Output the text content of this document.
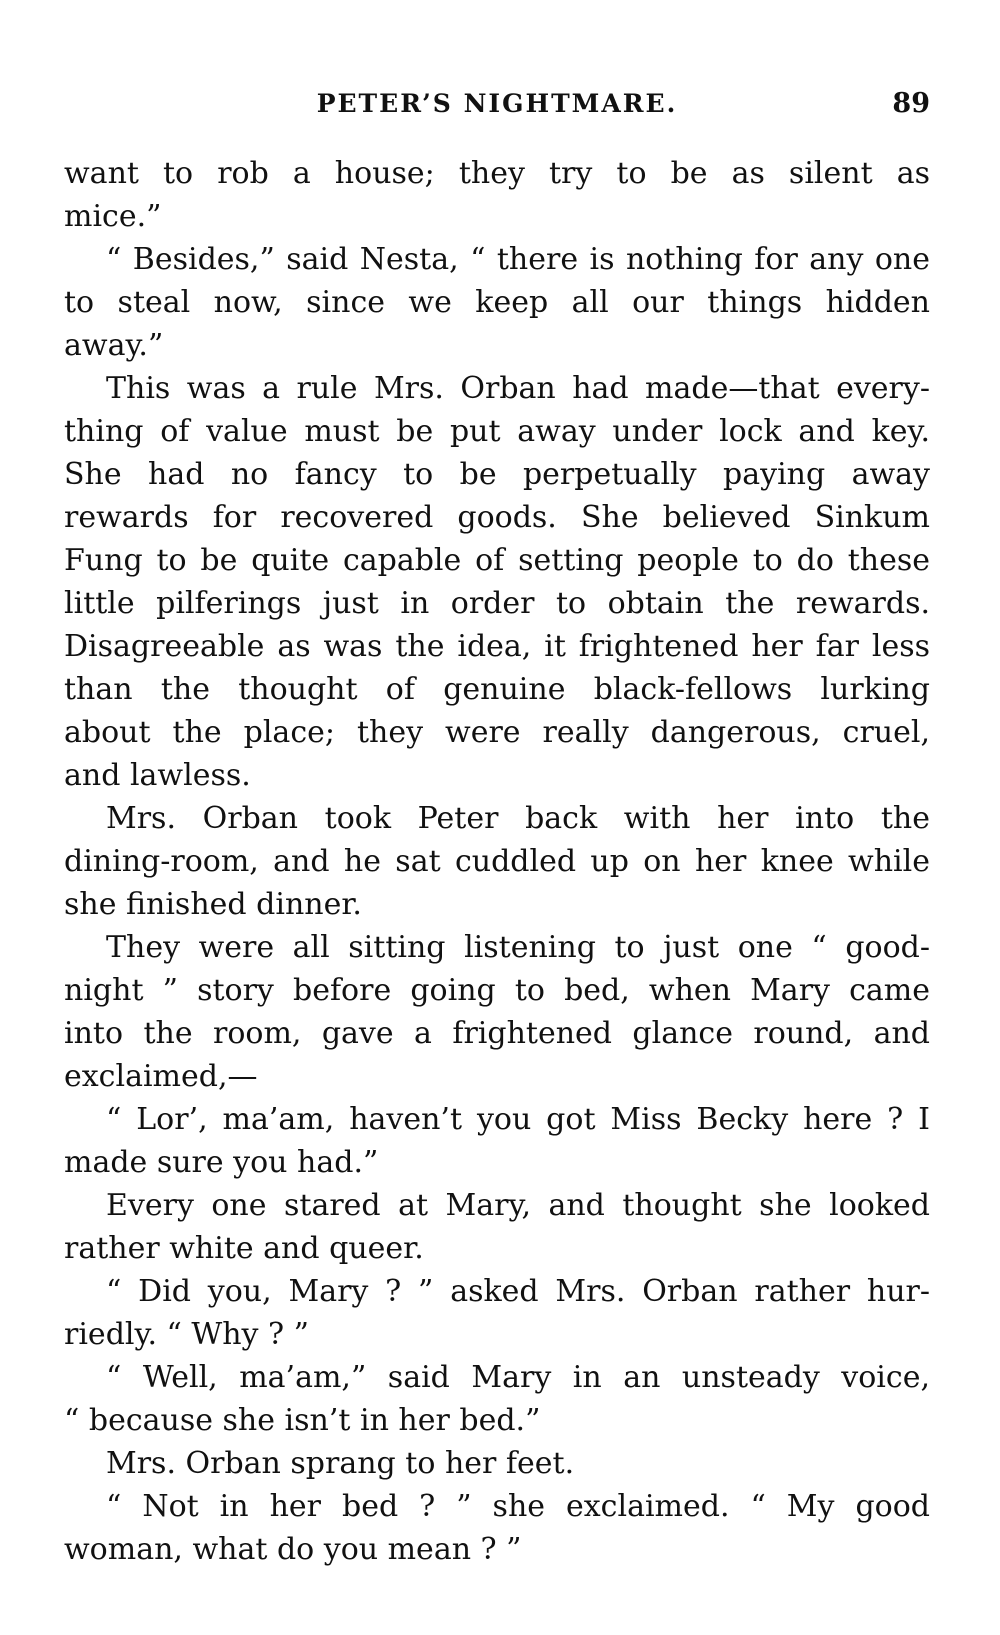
PETER’S NIGHTMARE.	89
want to rob a house; they try to be as silent as
mice.”
“ Besides,” said Nesta, “ there is nothing for any one
to steal now, since we keep all our things hidden
away.”
This was a rule Mrs. Orban had made—that every-
thing of value must be put away under lock and key.
She had no fancy to be perpetually paying away
rewards for recovered goods. She believed Sinkum
Fung to be quite capable of setting people to do these
little pilferings just in order to obtain the rewards.
Disagreeable as was the idea, it frightened her far less
than the thought of genuine black-fellows lurking
about the place; they were really dangerous, cruel,
and lawless.
Mrs. Orban took Peter back with her into the
dining-room, and he sat cuddled up on her knee while
she finished dinner.
They were all sitting listening to just one “ good-
night ” story before going to bed, when Mary came
into the room, gave a frightened glance round, and
exclaimed,—
“ Lor’, ma’am, haven’t you got Miss Becky here ? I
made sure you had.”
Every one stared at Mary, and thought she looked
rather white and queer.
“ Did you, Mary ? ” asked Mrs. Orban rather hur-
riedly. “ Why ? ”
“ Well, ma’am,” said Mary in an unsteady voice,
“ because she isn’t in her bed.”
Mrs. Orban sprang to her feet.
“ Not in her bed ? ” she exclaimed. “ My good
woman, what do you mean ? ”
